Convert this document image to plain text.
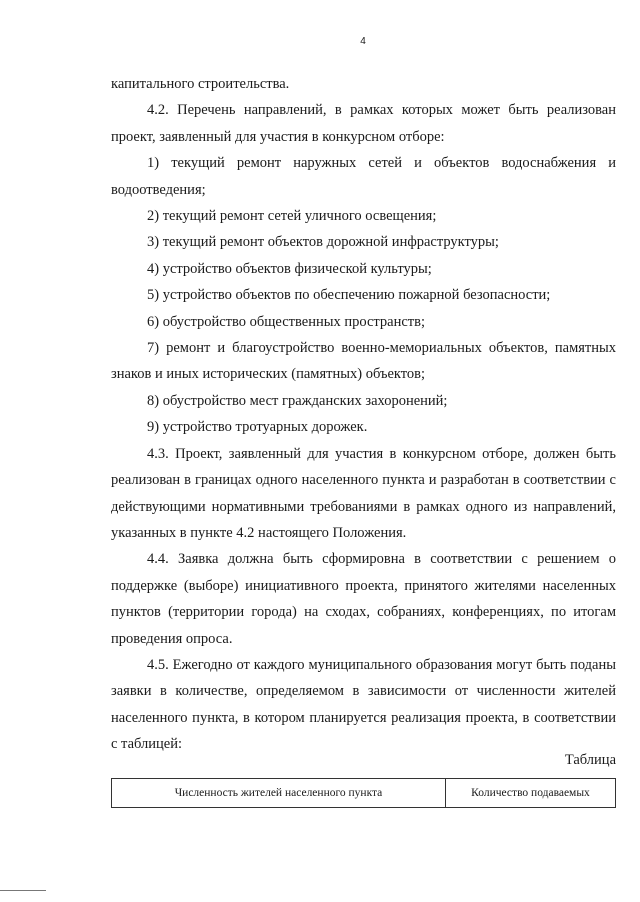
4

капитального строительства.

4.2. Перечень направлений, в рамках которых может быть реализован проект, заявленный для участия в конкурсном отборе:

1) текущий ремонт наружных сетей и объектов водоснабжения и водоотведения;

2) текущий ремонт сетей уличного освещения;

3) текущий ремонт объектов дорожной инфраструктуры;

4) устройство объектов физической культуры;

5) устройство объектов по обеспечению пожарной безопасности;

6) обустройство общественных пространств;

7) ремонт и благоустройство военно-мемориальных объектов, памятных знаков и иных исторических (памятных) объектов;

8) обустройство мест гражданских захоронений;

9) устройство тротуарных дорожек.

4.3. Проект, заявленный для участия в конкурсном отборе, должен быть реализован в границах одного населенного пункта и разработан в соответствии с действующими нормативными требованиями в рамках одного из направлений, указанных в пункте 4.2 настоящего Положения.

4.4. Заявка должна быть сформировна в соответствии с решением о поддержке (выборе) инициативного проекта, принятого жителями населенных пунктов (территории города) на сходах, собраниях, конференциях, по итогам проведения опроса.

4.5. Ежегодно от каждого муниципального образования могут быть поданы заявки в количестве, определяемом в зависимости от численности жителей населенного пункта, в котором планируется реализация проекта, в соответствии с таблицей:

Таблица
Численность жителей населенного пункта	Количество подаваемых
